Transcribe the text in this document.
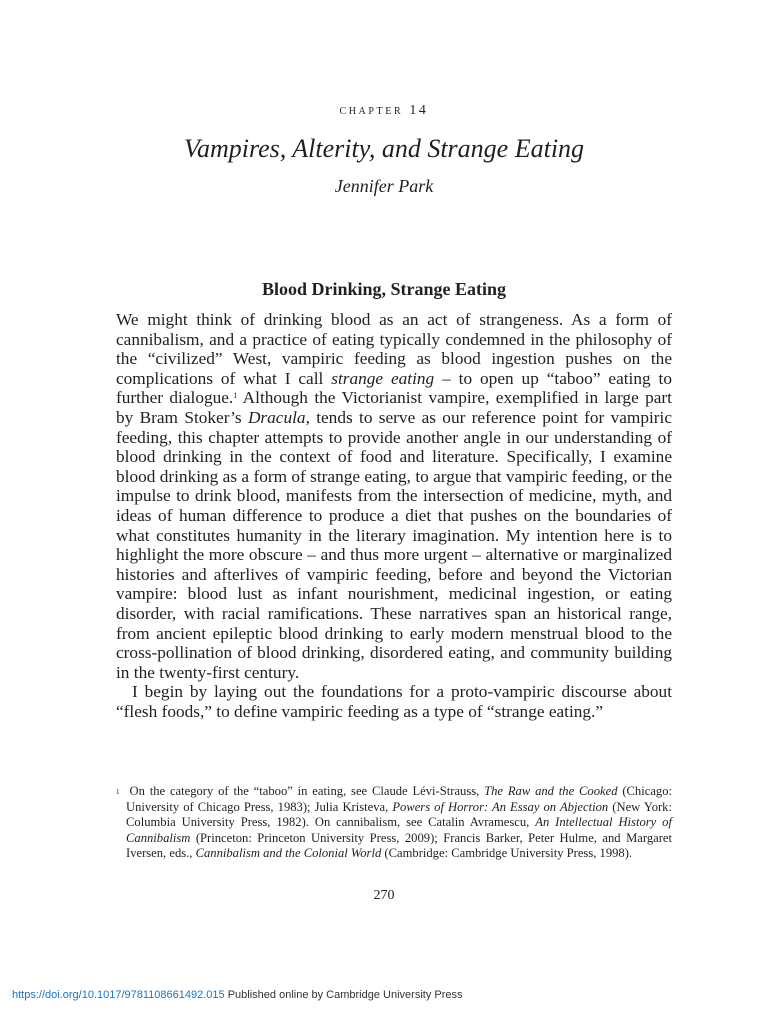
chapter 14
Vampires, Alterity, and Strange Eating
Jennifer Park
Blood Drinking, Strange Eating

We might think of drinking blood as an act of strangeness. As a form of cannibalism, and a practice of eating typically condemned in the philosophy of the “civilized” West, vampiric feeding as blood ingestion pushes on the complications of what I call strange eating – to open up “taboo” eating to further dialogue.$^1$ Although the Victorianist vampire, exemplified in large part by Bram Stoker’s Dracula, tends to serve as our reference point for vampiric feeding, this chapter attempts to provide another angle in our understanding of blood drinking in the context of food and literature. Specifically, I examine blood drinking as a form of strange eating, to argue that vampiric feeding, or the impulse to drink blood, manifests from the intersection of medicine, myth, and ideas of human difference to produce a diet that pushes on the boundaries of what constitutes humanity in the literary imagination. My intention here is to highlight the more obscure – and thus more urgent – alternative or marginalized histories and afterlives of vampiric feeding, before and beyond the Victorian vampire: blood lust as infant nourishment, medicinal ingestion, or eating disorder, with racial ramifications. These narratives span an historical range, from ancient epileptic blood drinking to early modern menstrual blood to the cross-pollination of blood drinking, disordered eating, and community building in the twenty-first century.

I begin by laying out the foundations for a proto-vampiric discourse about “flesh foods,” to define vampiric feeding as a type of “strange eating.”

$^1$ On the category of the “taboo” in eating, see Claude Lévi-Strauss, The Raw and the Cooked (Chicago: University of Chicago Press, 1983); Julia Kristeva, Powers of Horror: An Essay on Abjection (New York: Columbia University Press, 1982). On cannibalism, see Catalin Avramescu, An Intellectual History of Cannibalism (Princeton: Princeton University Press, 2009); Francis Barker, Peter Hulme, and Margaret Iversen, eds., Cannibalism and the Colonial World (Cambridge: Cambridge University Press, 1998).

270
https://doi.org/10.1017/9781108661492.015 Published online by Cambridge University Press
